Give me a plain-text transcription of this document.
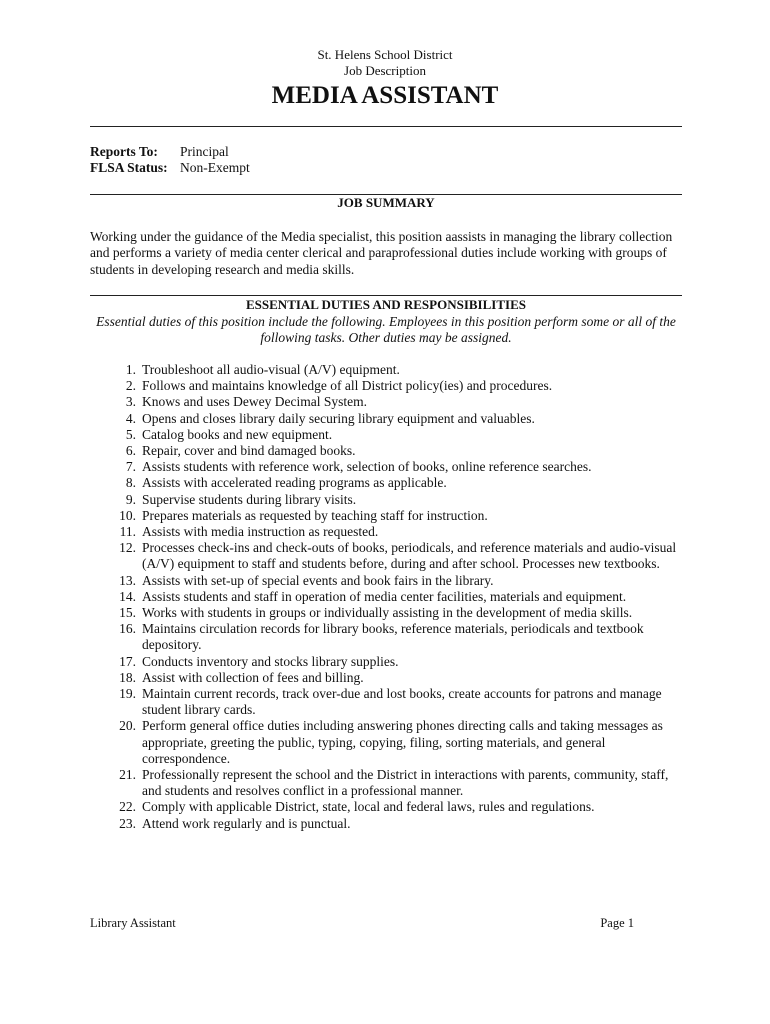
St. Helens School District
Job Description
MEDIA ASSISTANT
Reports To:	Principal
FLSA Status: Non-Exempt
JOB SUMMARY
Working under the guidance of the Media specialist, this position aassists in managing the library collection and performs a variety of media center clerical and paraprofessional duties include working with groups of students in developing research and media skills.
ESSENTIAL DUTIES AND RESPONSIBILITIES
Essential duties of this position include the following. Employees in this position perform some or all of the following tasks. Other duties may be assigned.
1. Troubleshoot all audio-visual (A/V) equipment.
2. Follows and maintains knowledge of all District policy(ies) and procedures.
3. Knows and uses Dewey Decimal System.
4. Opens and closes library daily securing library equipment and valuables.
5. Catalog books and new equipment.
6. Repair, cover and bind damaged books.
7. Assists students with reference work, selection of books, online reference searches.
8. Assists with accelerated reading programs as applicable.
9. Supervise students during library visits.
10. Prepares materials as requested by teaching staff for instruction.
11. Assists with media instruction as requested.
12. Processes check-ins and check-outs of books, periodicals, and reference materials and audio-visual (A/V) equipment to staff and students before, during and after school. Processes new textbooks.
13. Assists with set-up of special events and book fairs in the library.
14. Assists students and staff in operation of media center facilities, materials and equipment.
15. Works with students in groups or individually assisting in the development of media skills.
16. Maintains circulation records for library books, reference materials, periodicals and textbook depository.
17. Conducts inventory and stocks library supplies.
18. Assist with collection of fees and billing.
19. Maintain current records, track over-due and lost books, create accounts for patrons and manage student library cards.
20. Perform general office duties including answering phones directing calls and taking messages as appropriate, greeting the public, typing, copying, filing, sorting materials, and general correspondence.
21. Professionally represent the school and the District in interactions with parents, community, staff, and students and resolves conflict in a professional manner.
22. Comply with applicable District, state, local and federal laws, rules and regulations.
23. Attend work regularly and is punctual.
Library Assistant	Page 1
